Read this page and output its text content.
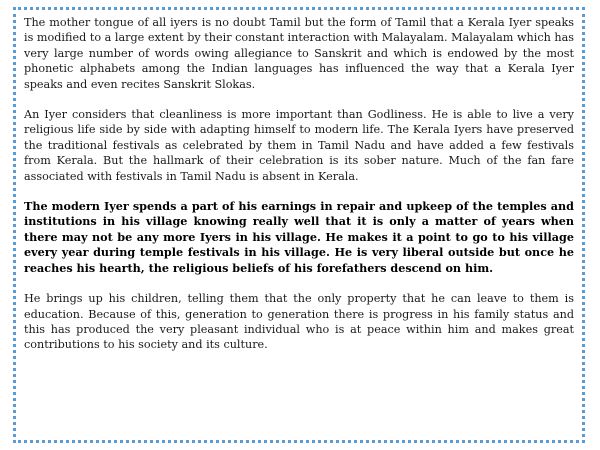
The mother tongue of all iyers is no doubt Tamil but the form of Tamil that a Kerala Iyer speaks is modified to a large extent by their constant interaction with Malayalam. Malayalam which has very large number of words owing allegiance to Sanskrit and which is endowed by the most phonetic alphabets among the Indian languages has influenced the way that a Kerala Iyer speaks and even recites Sanskrit Slokas.

An Iyer considers that cleanliness is more important than Godliness. He is able to live a very religious life side by side with adapting himself to modern life. The Kerala Iyers have preserved the traditional festivals as celebrated by them in Tamil Nadu and have added a few festivals from Kerala. But the hallmark of their celebration is its sober nature. Much of the fan fare associated with festivals in Tamil Nadu is absent in Kerala.

The modern Iyer spends a part of his earnings in repair and upkeep of the temples and institutions in his village knowing really well that it is only a matter of years when there may not be any more Iyers in his village. He makes it a point to go to his village every year during temple festivals in his village. He is very liberal outside but once he reaches his hearth, the religious beliefs of his forefathers descend on him.

He brings up his children, telling them that the only property that he can leave to them is education. Because of this, generation to generation there is progress in his family status and this has produced the very pleasant individual who is at peace within him and makes great contributions to his society and its culture.
